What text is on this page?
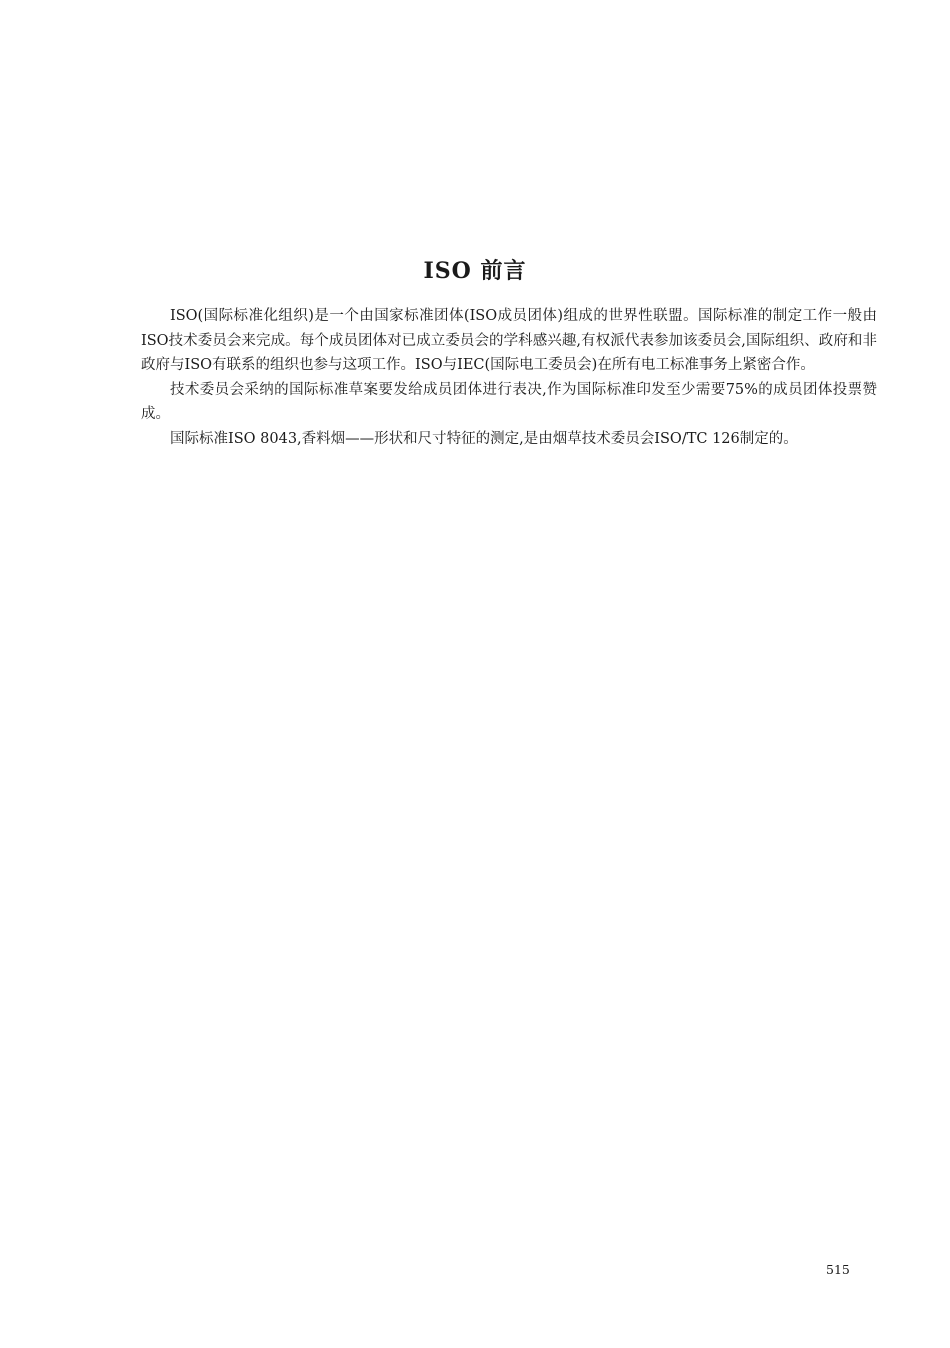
ISO 前言

ISO(国际标准化组织)是一个由国家标准团体(ISO成员团体)组成的世界性联盟。国际标准的制定工作一般由ISO技术委员会来完成。每个成员团体对已成立委员会的学科感兴趣,有权派代表参加该委员会,国际组织、政府和非政府与ISO有联系的组织也参与这项工作。ISO与IEC(国际电工委员会)在所有电工标准事务上紧密合作。

技术委员会采纳的国际标准草案要发给成员团体进行表决,作为国际标准印发至少需要75%的成员团体投票赞成。

国际标准ISO 8043,香料烟——形状和尺寸特征的测定,是由烟草技术委员会ISO/TC 126制定的。

515
